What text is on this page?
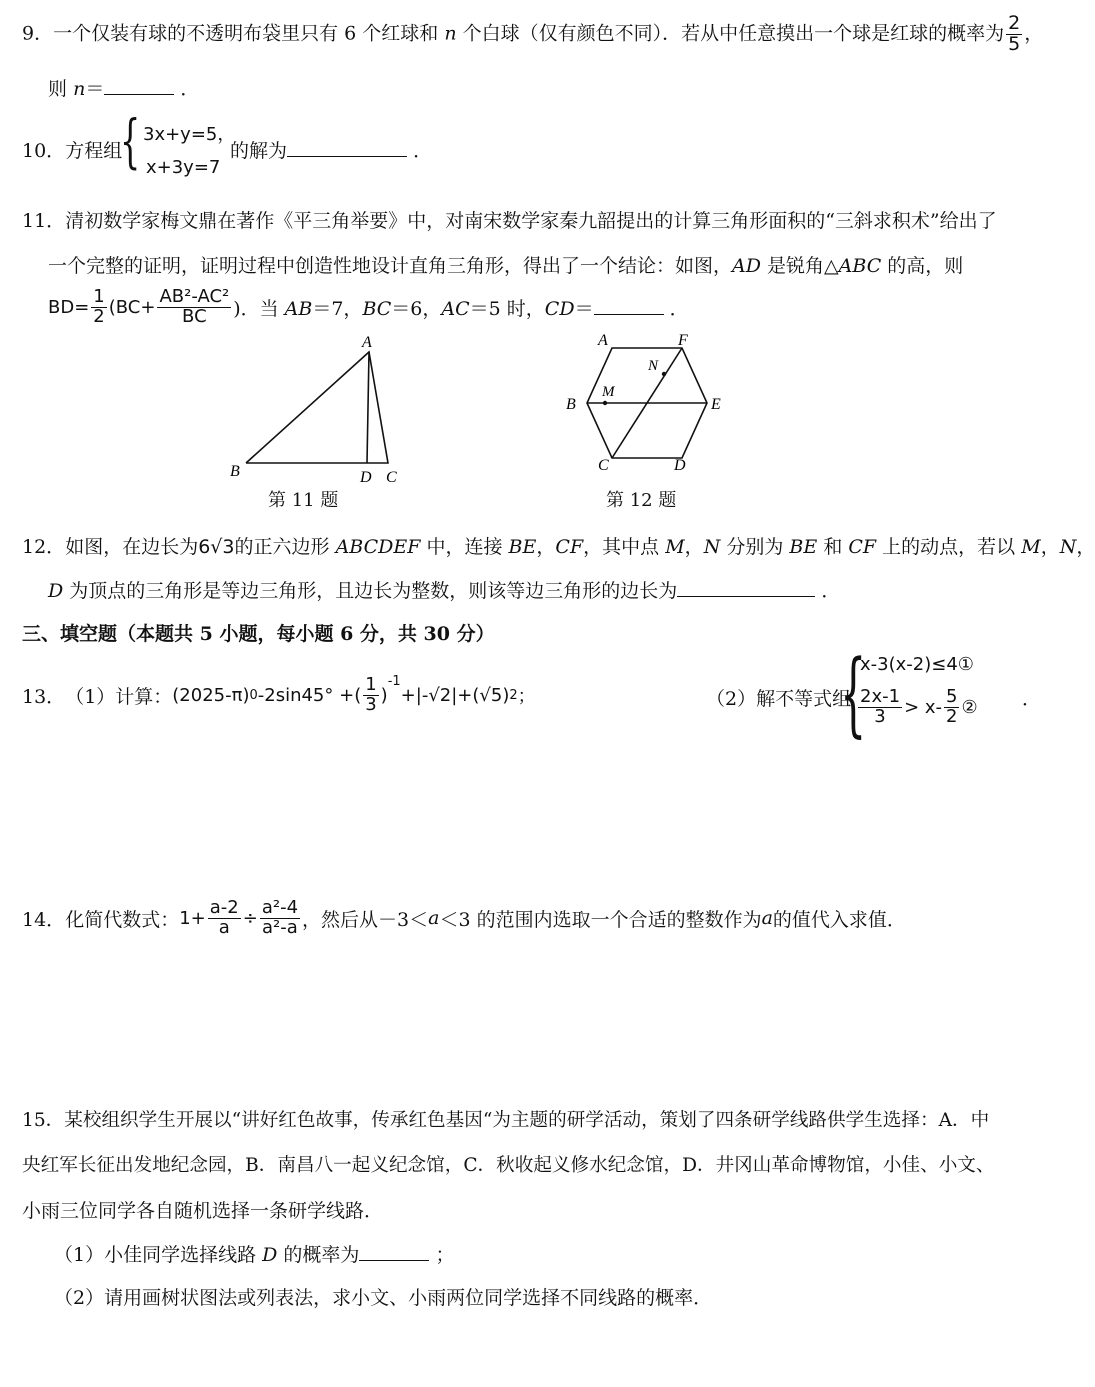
9．一个仅装有球的不透明布袋里只有 6 个红球和 n 个白球（仅有颜色不同）．若从中任意摸出一个球是红球的概率为 $\frac{2}{5}$ ，
则 n＝	．
10．方程组
{ 3x+y=5，
x+3y=7
的解为	．
11．清初数学家梅文鼎在著作《平三角举要》中，对南宋数学家秦九韶提出的计算三角形面积的“三斜求积术”给出了
一个完整的证明，证明过程中创造性地设计直角三角形，得出了一个结论：如图，AD 是锐角△ABC 的高，则
$BD= \frac{1}{2} (BC+ \frac{\text{AB²-AC²}}{BC}$ )．当 AB＝7，BC＝6，AC＝5 时，CD＝	．
A
B	D C
第 11 题
A	F
B	E
C	D
M
N
第 12 题
12．如图，在边长为6√3的正六边形 ABCDEF 中，连接 BE，CF，其中点 M，N 分别为 BE 和 CF 上的动点，若以 M，N，
D 为顶点的三角形是等边三角形，且边长为整数，则该等边三角形的边长为	．
三、填空题（本题共 5 小题，每小题 6 分，共 30 分）
13． （1）计算： (2025-π) 0 -2sin45° +( $\frac{1}{3}$ )
$^{-1}$
+|-√2|+(√5) 2 ；	（2）解不等式组
{
x-3(x-2)≤4①
$\frac{2x-1}{3} > x- \frac{5}{2}$ ② ．
14． 化简代数式： $1+ \frac{a-2}{a} \div \frac{\text{a²-4}}{\text{a²-a}}$ ，然后从－3＜ a ＜3 的范围内选取一个合适的整数作为 a 的值代入求值．
15．某校组织学生开展以“讲好红色故事，传承红色基因“为主题的研学活动，策划了四条研学线路供学生选择：A．中
央红军长征出发地纪念园，B．南昌八一起义纪念馆，C．秋收起义修水纪念馆，D．井冈山革命博物馆，小佳、小文、
小雨三位同学各自随机选择一条研学线路．
（1）小佳同学选择线路 D 的概率为	；
（2）请用画树状图法或列表法，求小文、小雨两位同学选择不同线路的概率．
